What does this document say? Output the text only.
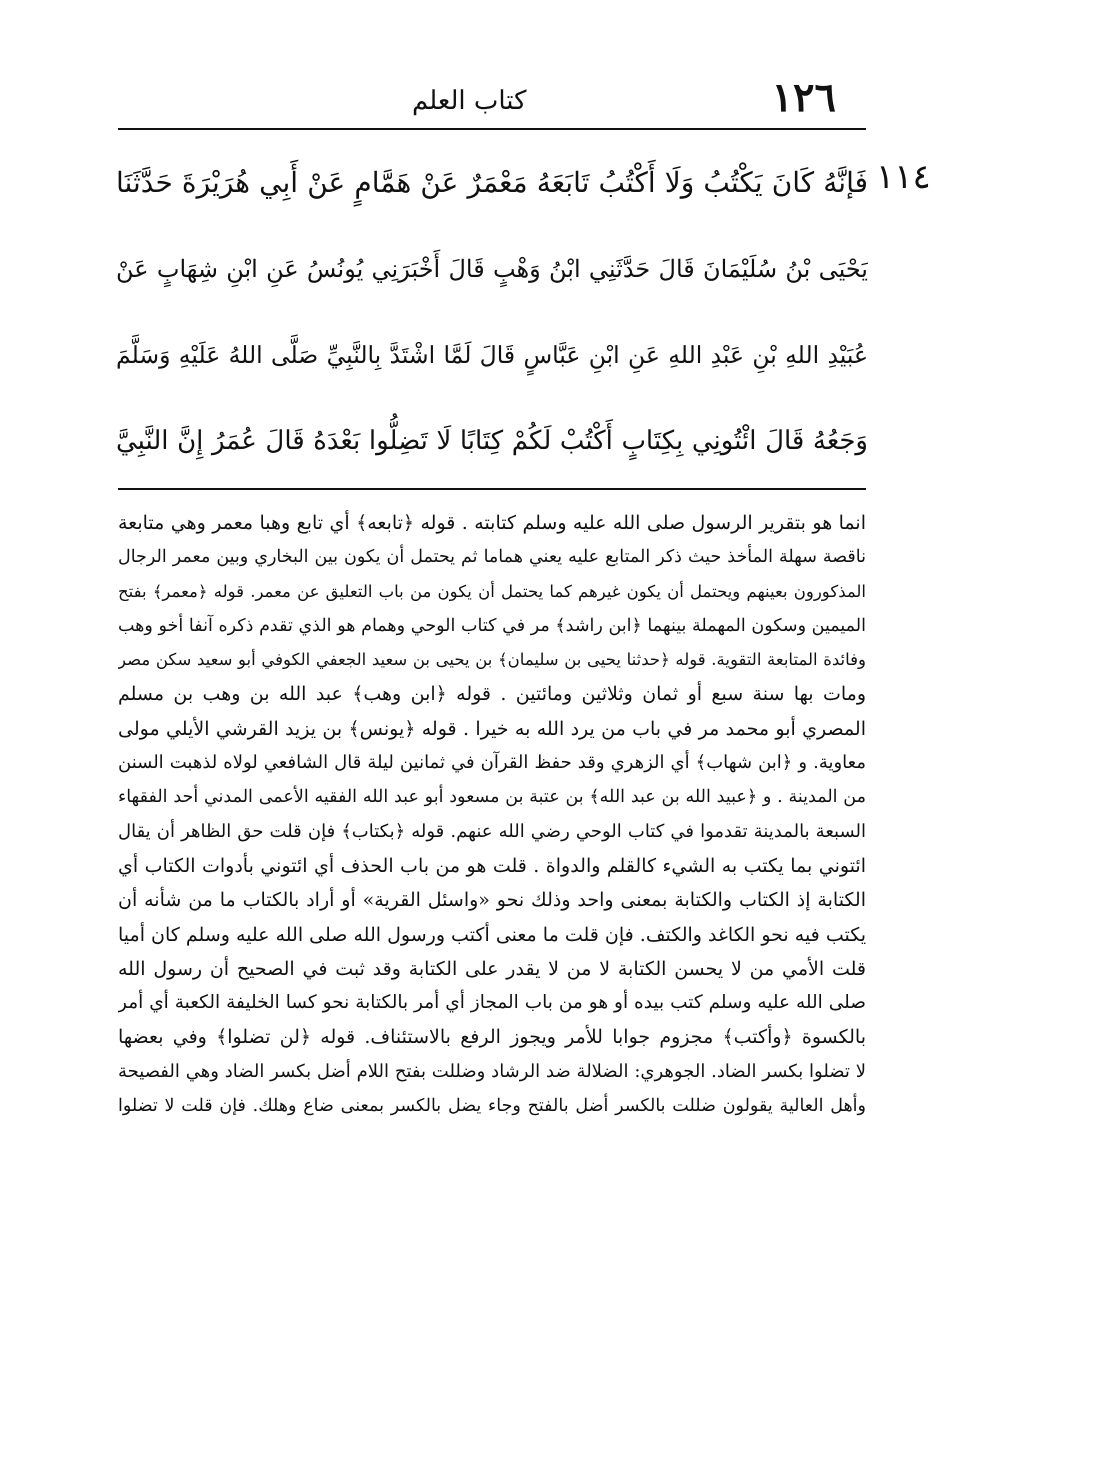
١٢٦
كتاب العلم
١١٤
فَإنَّهُ كَانَ يَكْتُبُ وَلَا أَكْتُبُ تَابَعَهُ مَعْمَرٌ عَنْ هَمَّامٍ عَنْ أَبِي هُرَيْرَةَ حَدَّثَنَا
يَحْيَى بْنُ سُلَيْمَانَ قَالَ حَدَّثَنِي ابْنُ وَهْبٍ قَالَ أَخْبَرَنِي يُونُسُ عَنِ ابْنِ شِهَابٍ عَنْ
عُبَيْدِ اللهِ بْنِ عَبْدِ اللهِ عَنِ ابْنِ عَبَّاسٍ قَالَ لَمَّا اشْتَدَّ بِالنَّبِيِّ صَلَّى اللهُ عَلَيْهِ وَسَلَّمَ
وَجَعُهُ قَالَ ائْتُونِي بِكِتَابٍ أَكْتُبْ لَكُمْ كِتَابًا لَا تَضِلُّوا بَعْدَهُ قَالَ عُمَرُ إِنَّ النَّبِيَّ
انما هو بتقرير الرسول صلى الله عليه وسلم كتابته . قوله ﴿تابعه﴾ أي تابع وهبا معمر وهي متابعة
ناقصة سهلة المأخذ حيث ذكر المتابع عليه يعني هماما ثم يحتمل أن يكون بين البخاري وبين معمر الرجال
المذكورون بعينهم ويحتمل أن يكون غيرهم كما يحتمل أن يكون من باب التعليق عن معمر. قوله ﴿معمر﴾ بفتح
الميمين وسكون المهملة بينهما ﴿ابن راشد﴾ مر في كتاب الوحي وهمام هو الذي تقدم ذكره آنفا أخو وهب
وفائدة المتابعة التقوية. قوله ﴿حدثنا يحيى بن سليمان﴾ بن يحيى بن سعيد الجعفي الكوفي أبو سعيد سكن مصر
ومات بها سنة سبع أو ثمان وثلاثين ومائتين . قوله ﴿ابن وهب﴾ عبد الله بن وهب بن مسلم
المصري أبو محمد مر في باب من يرد الله به خيرا . قوله ﴿يونس﴾ بن يزيد القرشي الأيلي مولى
معاوية. و ﴿ابن شهاب﴾ أي الزهري وقد حفظ القرآن في ثمانين ليلة قال الشافعي لولاه لذهبت السنن
من المدينة . و ﴿عبيد الله بن عبد الله﴾ بن عتبة بن مسعود أبو عبد الله الفقيه الأعمى المدني أحد الفقهاء
السبعة بالمدينة تقدموا في كتاب الوحي رضي الله عنهم. قوله ﴿بكتاب﴾ فإن قلت حق الظاهر أن يقال
ائتوني بما يكتب به الشيء كالقلم والدواة . قلت هو من باب الحذف أي ائتوني بأدوات الكتاب أي
الكتابة إذ الكتاب والكتابة بمعنى واحد وذلك نحو «واسئل القرية» أو أراد بالكتاب ما من شأنه أن
يكتب فيه نحو الكاغد والكتف. فإن قلت ما معنى أكتب ورسول الله صلى الله عليه وسلم كان أميا
قلت الأمي من لا يحسن الكتابة لا من لا يقدر على الكتابة وقد ثبت في الصحيح أن رسول الله
صلى الله عليه وسلم كتب بيده أو هو من باب المجاز أي أمر بالكتابة نحو كسا الخليفة الكعبة أي أمر
بالكسوة ﴿وأكتب﴾ مجزوم جوابا للأمر ويجوز الرفع بالاستئناف. قوله ﴿لن تضلوا﴾ وفي بعضها
لا تضلوا بكسر الضاد. الجوهري: الضلالة ضد الرشاد وضللت بفتح اللام أضل بكسر الضاد وهي الفصيحة
وأهل العالية يقولون ضللت بالكسر أضل بالفتح وجاء يضل بالكسر بمعنى ضاع وهلك. فإن قلت لا تضلوا
